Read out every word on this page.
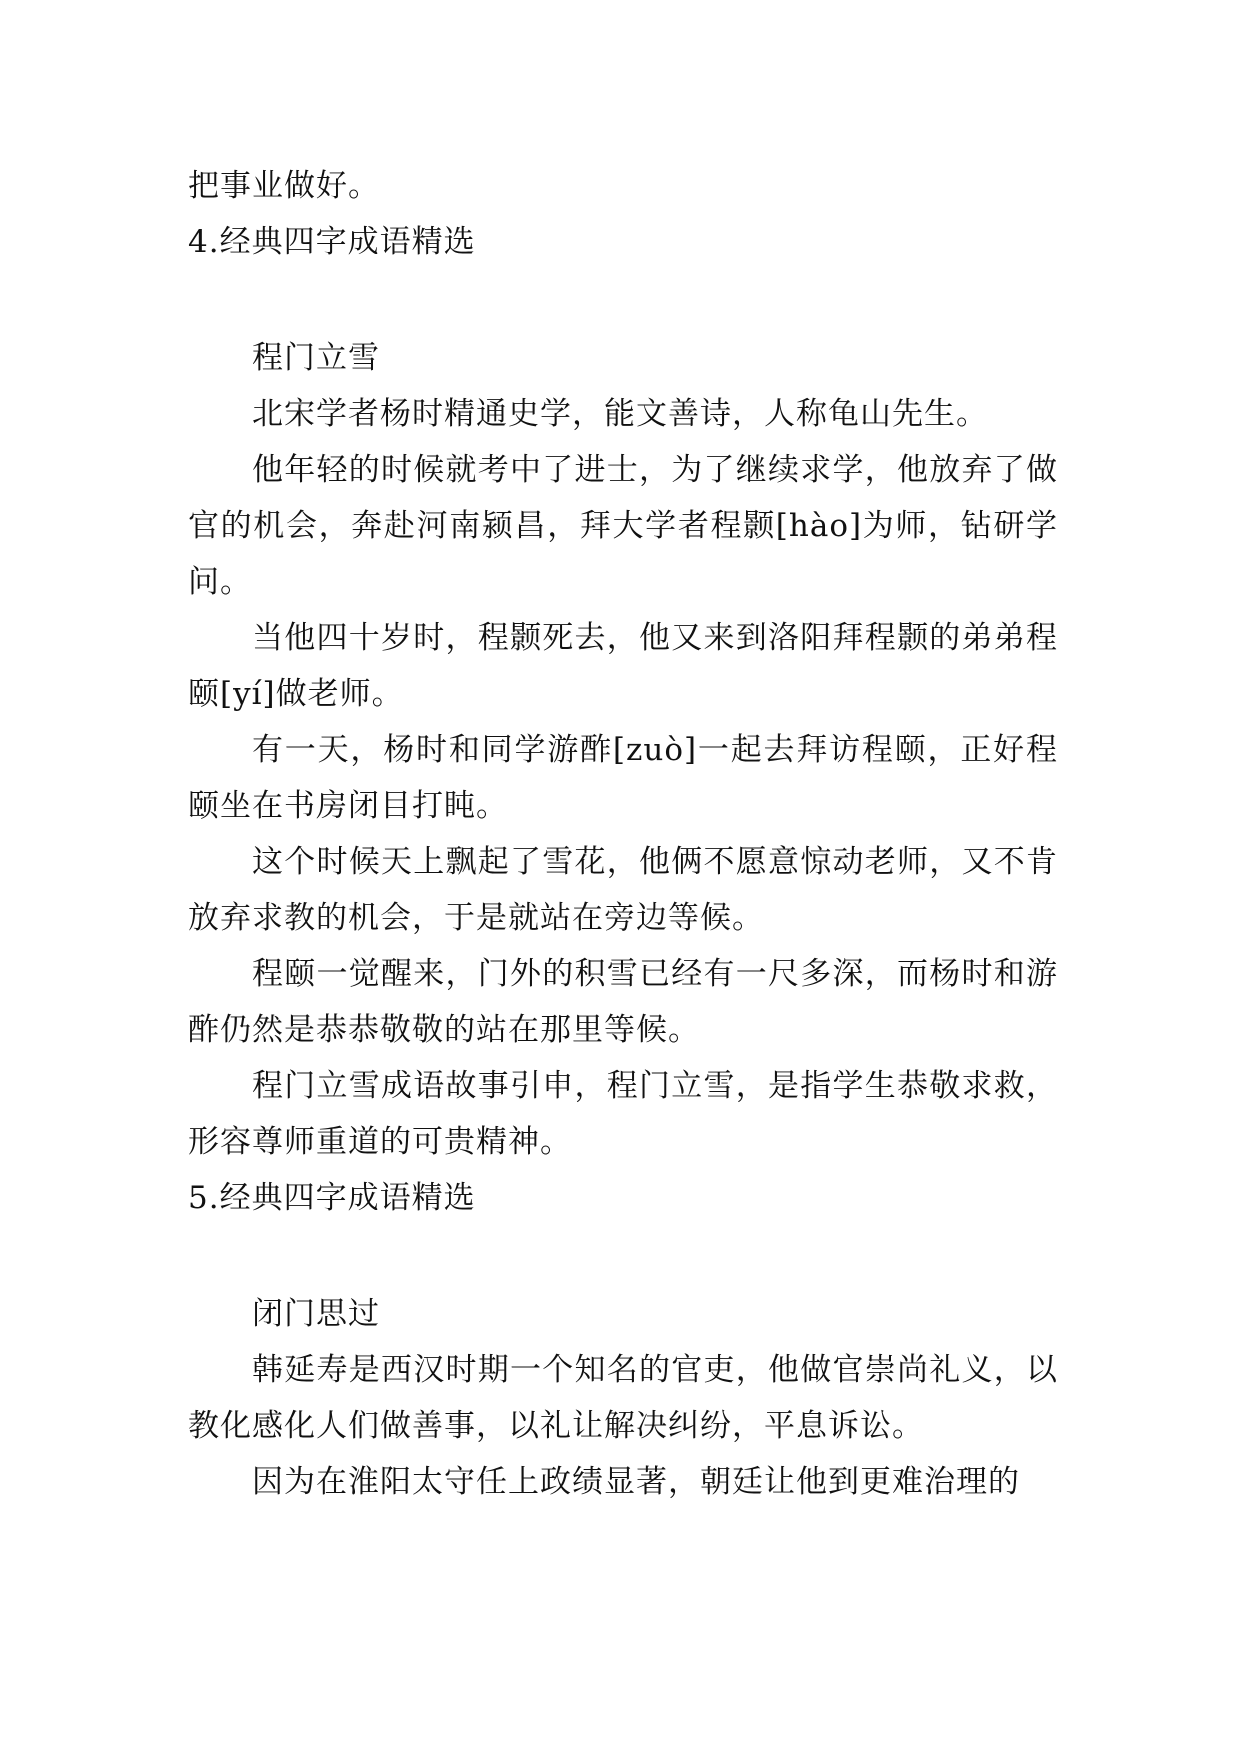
把事业做好。
4.经典四字成语精选
程门立雪
北宋学者杨时精通史学，能文善诗，人称龟山先生。
他年轻的时候就考中了进士，为了继续求学，他放弃了做官的机会，奔赴河南颍昌，拜大学者程颢[hào]为师，钻研学问。
当他四十岁时，程颢死去，他又来到洛阳拜程颢的弟弟程颐[yí]做老师。
有一天，杨时和同学游酢[zuò]一起去拜访程颐，正好程颐坐在书房闭目打盹。
这个时候天上飘起了雪花，他俩不愿意惊动老师，又不肯放弃求教的机会，于是就站在旁边等候。
程颐一觉醒来，门外的积雪已经有一尺多深，而杨时和游酢仍然是恭恭敬敬的站在那里等候。
程门立雪成语故事引申，程门立雪，是指学生恭敬求救，形容尊师重道的可贵精神。
5.经典四字成语精选
闭门思过
韩延寿是西汉时期一个知名的官吏，他做官崇尚礼义，以教化感化人们做善事，以礼让解决纠纷，平息诉讼。
因为在淮阳太守任上政绩显著，朝廷让他到更难治理的
